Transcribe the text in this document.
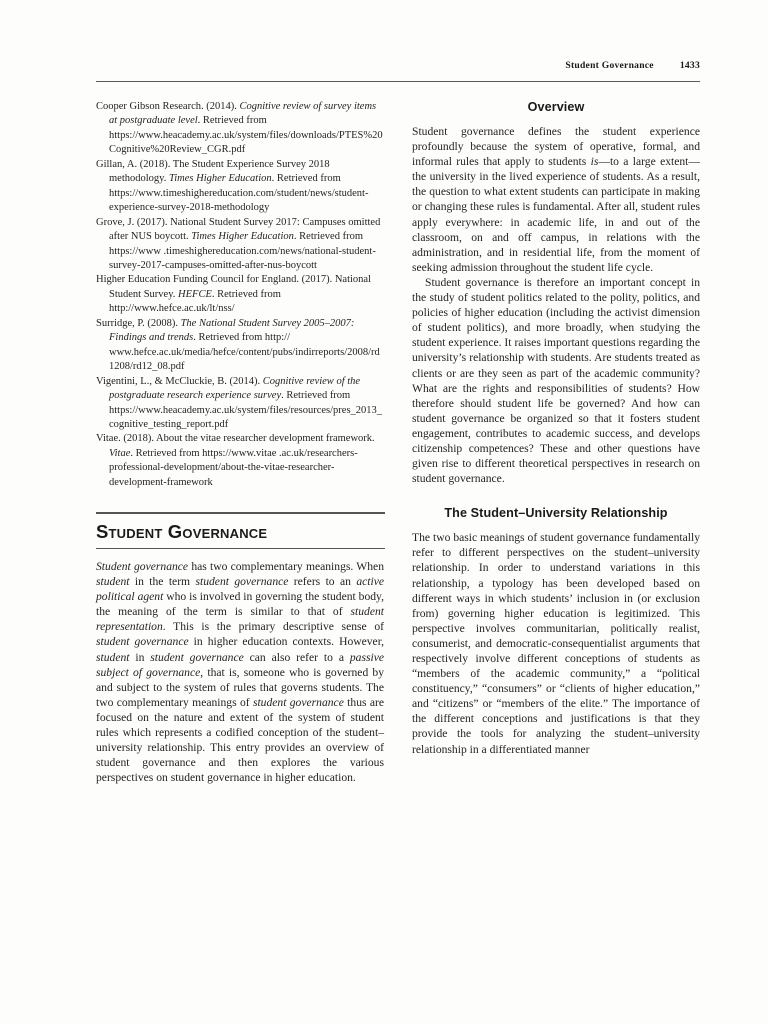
Student Governance	1433
Cooper Gibson Research. (2014). Cognitive review of survey items at postgraduate level. Retrieved from https://www.heacademy.ac.uk/system/files/downloads/PTES%20Cognitive%20Review_CGR.pdf
Gillan, A. (2018). The Student Experience Survey 2018 methodology. Times Higher Education. Retrieved from https://www.timeshighereducation.com/student/news/student-experience-survey-2018-methodology
Grove, J. (2017). National Student Survey 2017: Campuses omitted after NUS boycott. Times Higher Education. Retrieved from https://www .timeshighereducation.com/news/national-student-survey-2017-campuses-omitted-after-nus-boycott
Higher Education Funding Council for England. (2017). National Student Survey. HEFCE. Retrieved from http://www.hefce.ac.uk/lt/nss/
Surridge, P. (2008). The National Student Survey 2005–2007: Findings and trends. Retrieved from http:// www.hefce.ac.uk/media/hefce/content/pubs/indirreports/2008/rd1208/rd12_08.pdf
Vigentini, L., & McCluckie, B. (2014). Cognitive review of the postgraduate research experience survey. Retrieved from https://www.heacademy.ac.uk/system/files/resources/pres_2013_cognitive_testing_report.pdf
Vitae. (2018). About the vitae researcher development framework. Vitae. Retrieved from https://www.vitae .ac.uk/researchers-professional-development/about-the-vitae-researcher-development-framework
Student Governance

Student governance has two complementary meanings. When student in the term student governance refers to an active political agent who is involved in governing the student body, the meaning of the term is similar to that of student representation. This is the primary descriptive sense of student governance in higher education contexts. However, student in student governance can also refer to a passive subject of governance, that is, someone who is governed by and subject to the system of rules that governs students. The two complementary meanings of student governance thus are focused on the nature and extent of the system of student rules which represents a codified conception of the student–university relationship. This entry provides an overview of student governance and then explores the various perspectives on student governance in higher education.

Overview

Student governance defines the student experience profoundly because the system of operative, formal, and informal rules that apply to students is—to a large extent—the university in the lived experience of students. As a result, the question to what extent students can participate in making or changing these rules is fundamental. After all, student rules apply everywhere: in academic life, in and out of the classroom, on and off campus, in relations with the administration, and in residential life, from the moment of seeking admission throughout the student life cycle.

Student governance is therefore an important concept in the study of student politics related to the polity, politics, and policies of higher education (including the activist dimension of student politics), and more broadly, when studying the student experience. It raises important questions regarding the university’s relationship with students. Are students treated as clients or are they seen as part of the academic community? What are the rights and responsibilities of students? How therefore should student life be governed? And how can student governance be organized so that it fosters student engagement, contributes to academic success, and develops citizenship competences? These and other questions have given rise to different theoretical perspectives in research on student governance.

The Student–University Relationship

The two basic meanings of student governance fundamentally refer to different perspectives on the student–university relationship. In order to understand variations in this relationship, a typology has been developed based on different ways in which students’ inclusion in (or exclusion from) governing higher education is legitimized. This perspective involves communitarian, politically realist, consumerist, and democratic-consequentialist arguments that respectively involve different conceptions of students as “members of the academic community,” a “political constituency,” “consumers” or “clients of higher education,” and “citizens” or “members of the elite.” The importance of the different conceptions and justifications is that they provide the tools for analyzing the student–university relationship in a differentiated manner
